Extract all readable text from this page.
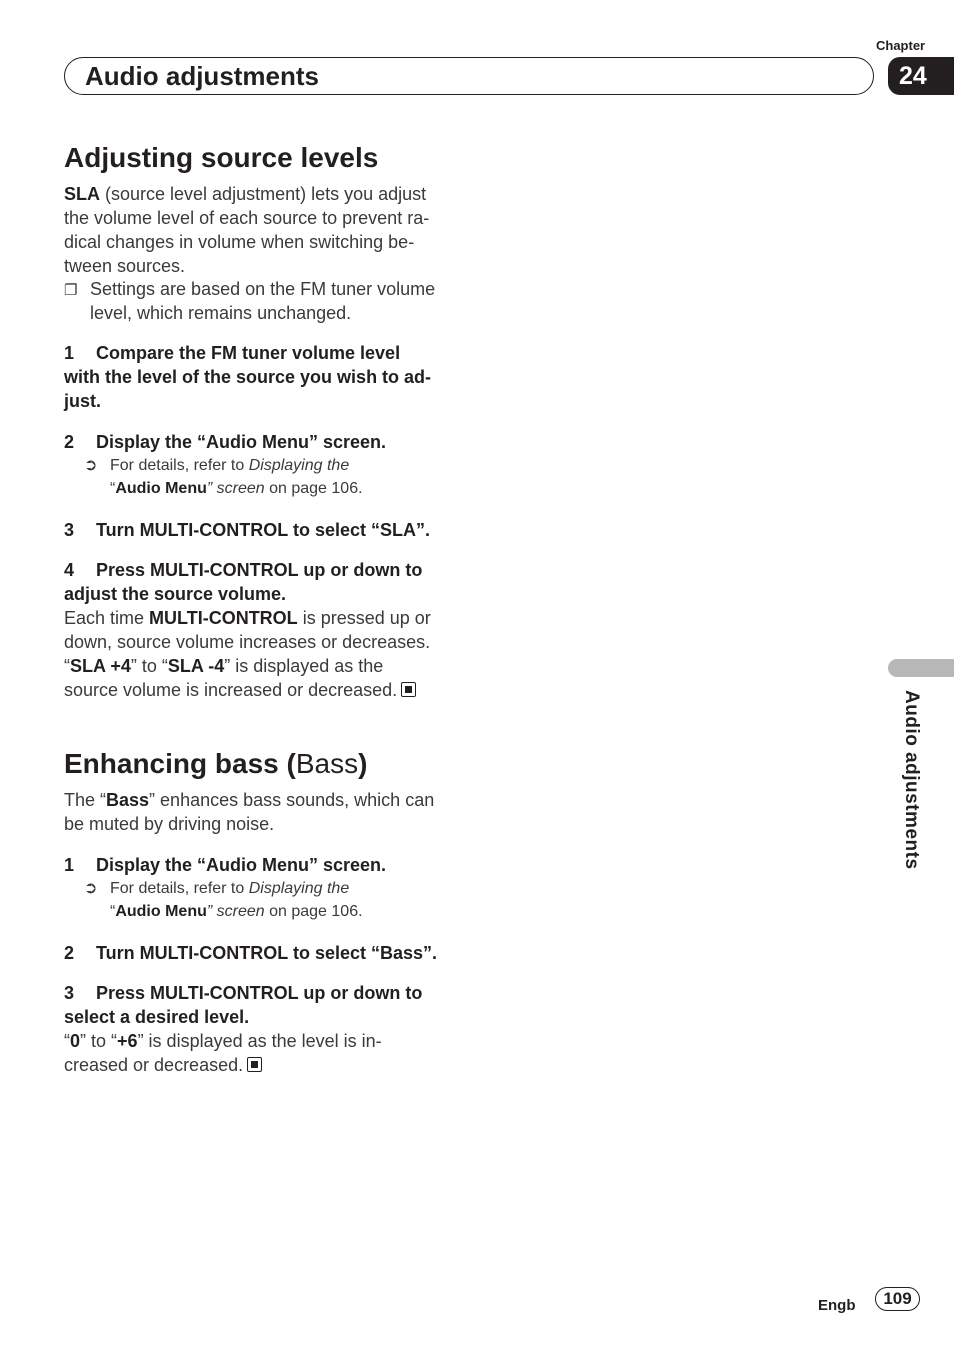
Chapter
Audio adjustments	24
Adjusting source levels
SLA (source level adjustment) lets you adjust
the volume level of each source to prevent ra-
dical changes in volume when switching be-
tween sources.
❐ Settings are based on the FM tuner volume
level, which remains unchanged.
1 Compare the FM tuner volume level
with the level of the source you wish to ad-
just.
2 Display the “Audio Menu” screen.
➲ For details, refer to Displaying the
“Audio Menu” screen on page 106.
3 Turn MULTI-CONTROL to select “SLA”.
4 Press MULTI-CONTROL up or down to
adjust the source volume.
Each time MULTI-CONTROL is pressed up or
down, source volume increases or decreases.
“SLA +4” to “SLA -4” is displayed as the
source volume is increased or decreased.
Enhancing bass (Bass)
The “Bass” enhances bass sounds, which can
be muted by driving noise.
1 Display the “Audio Menu” screen.
➲ For details, refer to Displaying the
“Audio Menu” screen on page 106.
2 Turn MULTI-CONTROL to select “Bass”.
3 Press MULTI-CONTROL up or down to
select a desired level.
“0” to “+6” is displayed as the level is in-
creased or decreased.
Audio adjustments
Engb	109
